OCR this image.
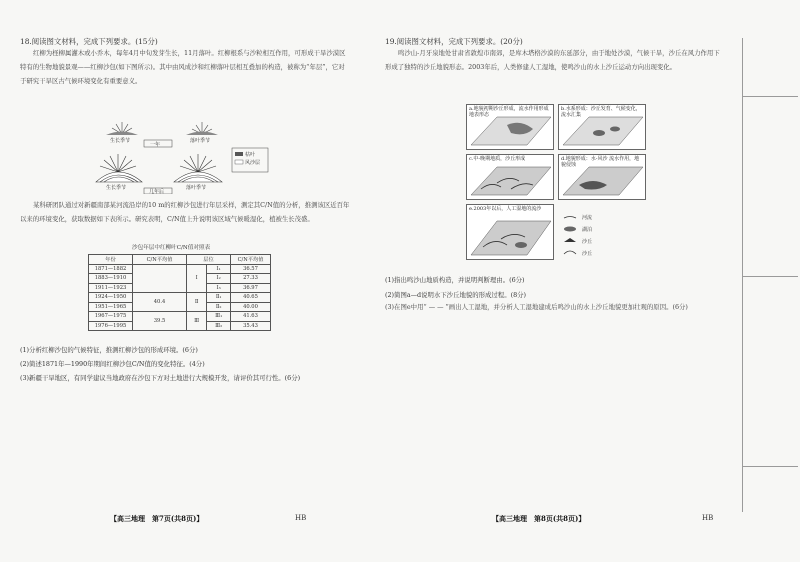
18.阅读图文材料，完成下列要求。(15分)
红柳为柽柳属灌木或小乔木，每年4月中旬发芽生长，11月落叶。红柳根系与沙粒相互作用，可形成干旱沙漠区特有的生物地貌景观——红柳沙包(如下图所示)。其中由风成沙和红柳落叶层相互叠加的构造，被称为“年层”，它对于研究干旱区古气候环境变化有重要意义。
生长季节	落叶季节
一年
生长季节	落叶季节
几年后
枯叶
风沙层
某科研团队通过对新疆南部某河流沿岸的10 m的红柳沙包进行年层采样，测定其C/N值的分析，推测该区近百年以来的环境变化，获取数据如下表所示。研究表明，C/N值上升说明该区域气候暖湿化，植被生长茂盛。
沙包年层中红柳叶C/N值对照表
年份	C/N平均值	层位		C/N平均值
1871—1882		Ⅰ	Ⅰ₁	36.57
1883—1910			Ⅰ₂	27.33
1911—1923			Ⅰ₃	36.97
1924—1950	40.4	Ⅱ	Ⅱ₁	40.65
1951—1965			Ⅱ₂	40.00
1967—1975	39.5	Ⅲ	Ⅲ₁	41.63
1976—1995			Ⅲ₂	35.43
(1)分析红柳沙包的气候特征，推测红柳沙包的形成环境。(6分)
(2)简述1871年—1990年期间红柳沙包C/N值的变化特征。(4分)
(3)新疆干旱地区，有同学建议当地政府在沙包下方对土地进行大规模开发，请评价其可行性。(6分)
【高三地理　第7页(共8页)】	HB
19.阅读图文材料，完成下列要求。(20分)
鸣沙山-月牙泉地处甘肃省敦煌市南郊，是库木塔格沙漠的东延部分，由于地处沙漠，气候干旱，沙丘在风力作用下形成了独特的沙丘地貌形态。2003年后，人类修建人工湿地，使鸣沙山的水上沙丘运动方向出现变化。
a.地貌初期沙丘形成，流水作用形成地表形态
b.水系形成：沙丘发育、气候变化，流水汇集
c.中-晚期地质，沙丘形成	d.地貌形成：水-风沙 流水作用，地貌侵蚀
e.2003年以后，人工湿地的流沙
河流
湖泊
沙丘
沙丘
(1)指出鸣沙山地质构造，并说明判断理由。(6分)
(2)简图a—d说明水下沙丘地貌的形成过程。(8分)
(3)在图e中用“ — — ”画出人工湿地，并分析人工湿地建成后鸣沙山的水上沙丘地貌更加壮观的原因。(6分)
【高三地理　第8页(共8页)】	HB
